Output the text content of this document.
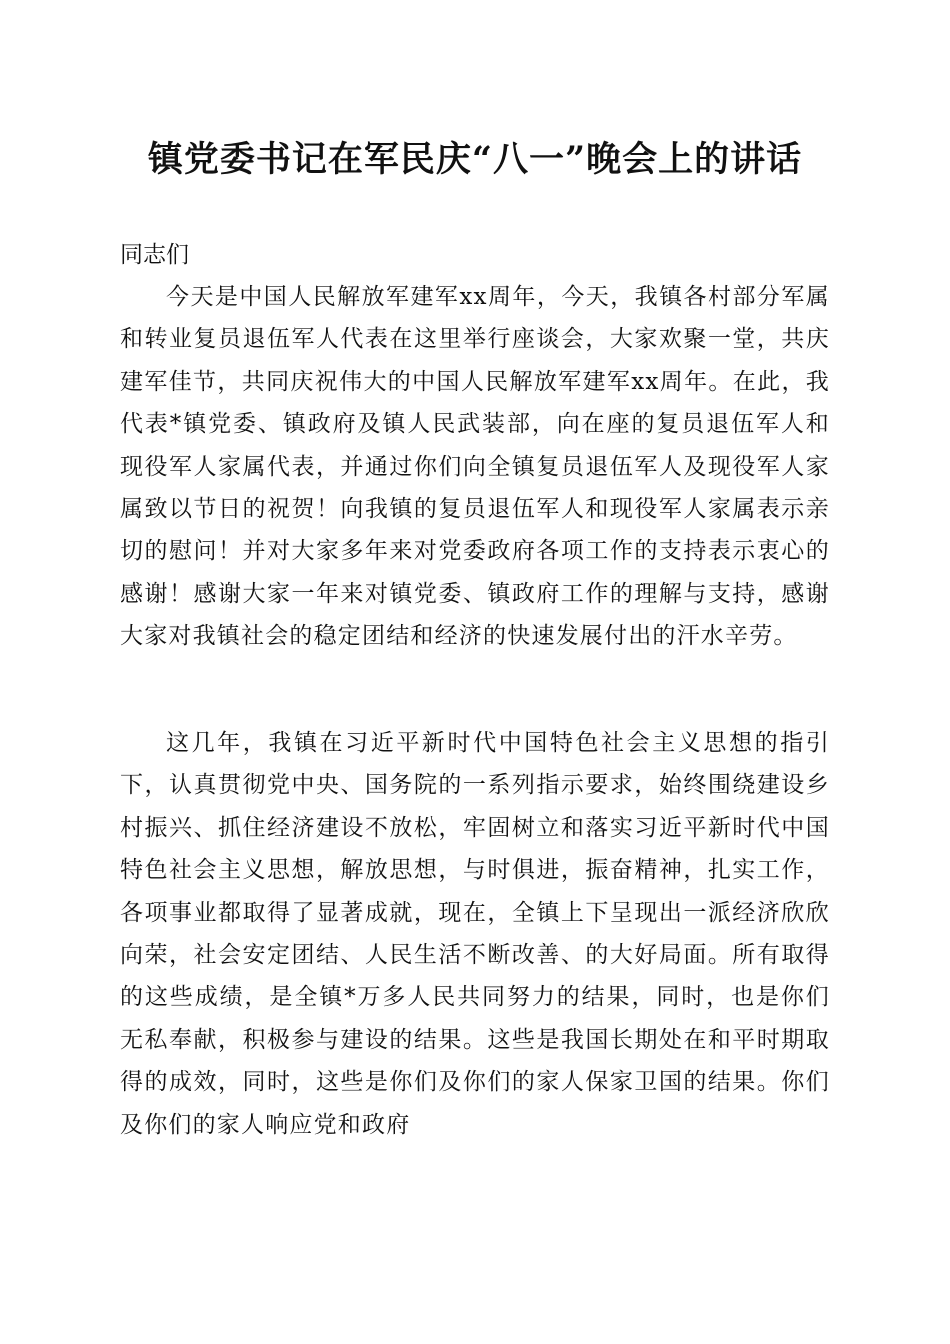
镇党委书记在军民庆“八一”晚会上的讲话

同志们

今天是中国人民解放军建军xx周年，今天，我镇各村部分军属和转业复员退伍军人代表在这里举行座谈会，大家欢聚一堂，共庆建军佳节，共同庆祝伟大的中国人民解放军建军xx周年。在此，我代表*镇党委、镇政府及镇人民武装部，向在座的复员退伍军人和现役军人家属代表，并通过你们向全镇复员退伍军人及现役军人家属致以节日的祝贺！向我镇的复员退伍军人和现役军人家属表示亲切的慰问！并对大家多年来对党委政府各项工作的支持表示衷心的感谢！感谢大家一年来对镇党委、镇政府工作的理解与支持，感谢大家对我镇社会的稳定团结和经济的快速发展付出的汗水辛劳。

这几年，我镇在习近平新时代中国特色社会主义思想的指引下，认真贯彻党中央、国务院的一系列指示要求，始终围绕建设乡村振兴、抓住经济建设不放松，牢固树立和落实习近平新时代中国特色社会主义思想，解放思想，与时俱进，振奋精神，扎实工作，各项事业都取得了显著成就，现在，全镇上下呈现出一派经济欣欣向荣，社会安定团结、人民生活不断改善、的大好局面。所有取得的这些成绩，是全镇*万多人民共同努力的结果，同时，也是你们无私奉献，积极参与建设的结果。这些是我国长期处在和平时期取得的成效，同时，这些是你们及你们的家人保家卫国的结果。你们及你们的家人响应党和政府
